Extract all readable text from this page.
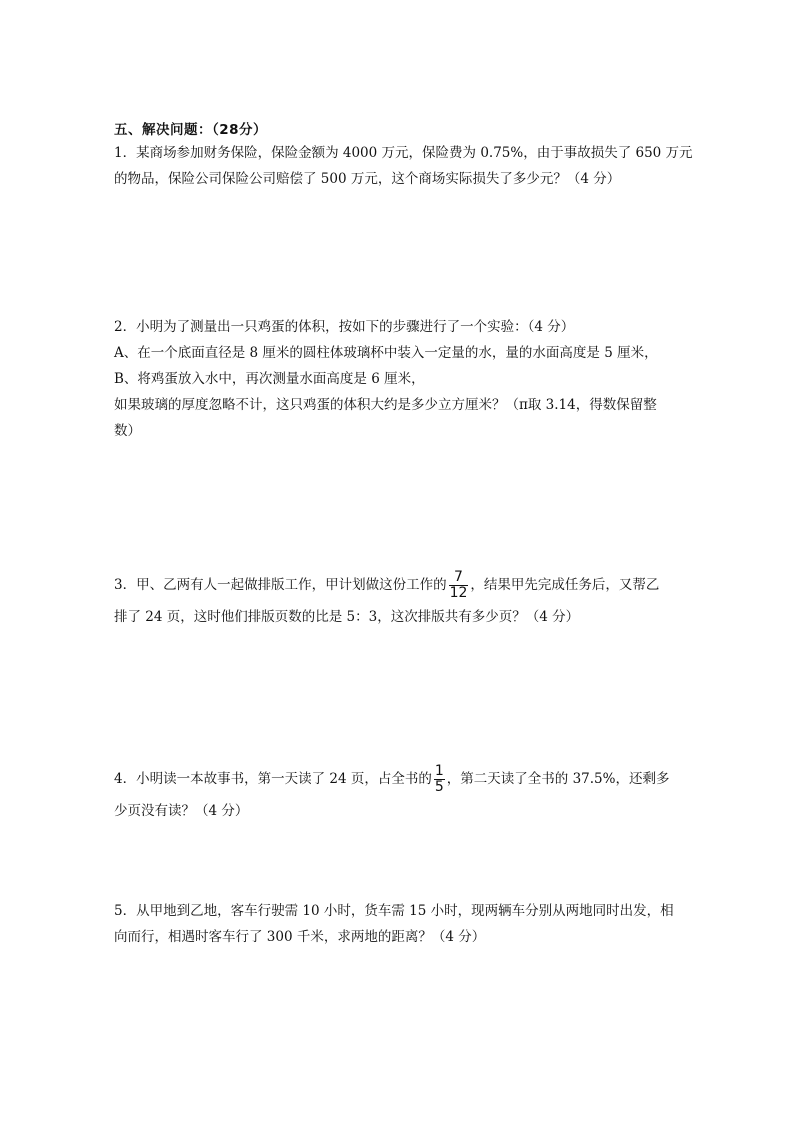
五、解决问题：（28分）
1．某商场参加财务保险，保险金额为 4000 万元，保险费为 0.75%，由于事故损失了 650 万元
的物品，保险公司保险公司赔偿了 500 万元，这个商场实际损失了多少元？（4 分）
2．小明为了测量出一只鸡蛋的体积，按如下的步骤进行了一个实验：（4 分）
A、在一个底面直径是 8 厘米的圆柱体玻璃杯中装入一定量的水，量的水面高度是 5 厘米，
B、将鸡蛋放入水中，再次测量水面高度是 6 厘米，
如果玻璃的厚度忽略不计，这只鸡蛋的体积大约是多少立方厘米？（π取 3.14，得数保留整
数）
3．甲、乙两有人一起做排版工作，甲计划做这份工作的 $\frac{7}{12}$ ，结果甲先完成任务后，又帮乙
排了 24 页，这时他们排版页数的比是 5：3，这次排版共有多少页？（4 分）
4．小明读一本故事书，第一天读了 24 页，占全书的 $\frac{1}{5}$ ，第二天读了全书的 37.5%，还剩多
少页没有读？（4 分）
5．从甲地到乙地，客车行驶需 10 小时，货车需 15 小时，现两辆车分别从两地同时出发，相
向而行，相遇时客车行了 300 千米，求两地的距离？（4 分）
